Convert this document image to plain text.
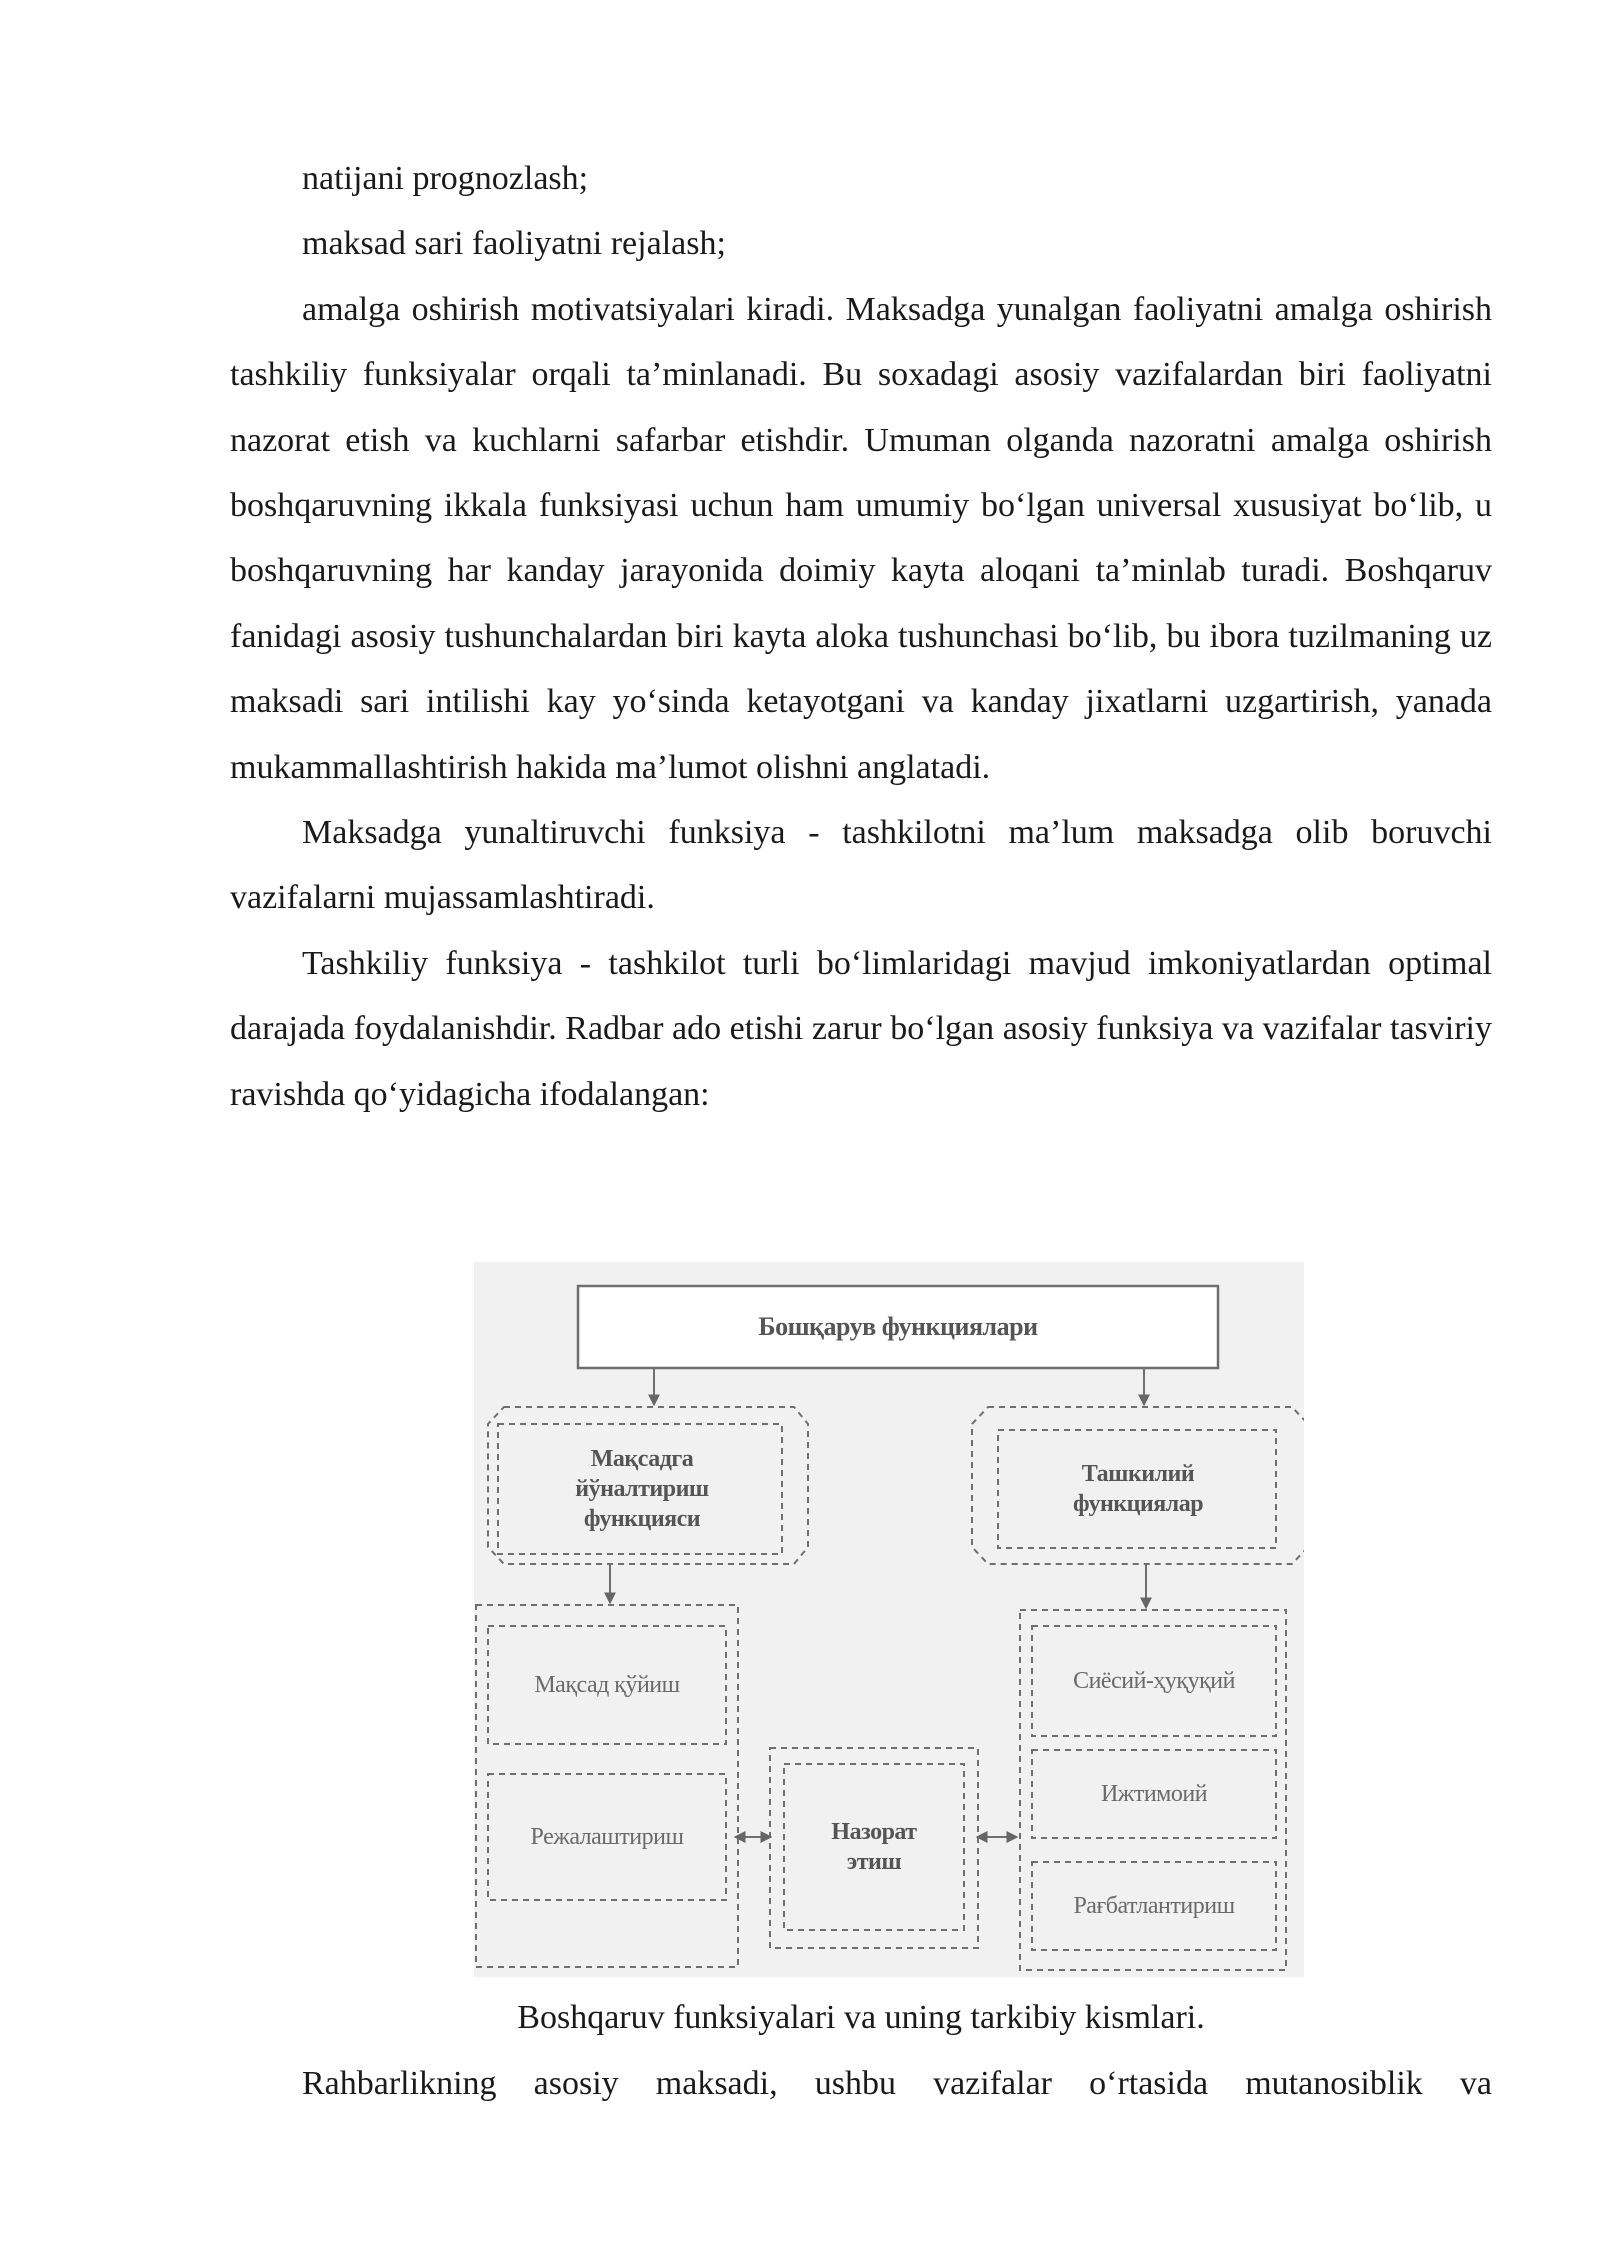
natijani prognozlash;

maksad sari faoliyatni rejalash;

amalga oshirish motivatsiyalari kiradi. Maksadga yunalgan faoliyatni amalga oshirish tashkiliy funksiyalar orqali ta’minlanadi. Bu soxadagi asosiy vazifalardan biri faoliyatni nazorat etish va kuchlarni safarbar etishdir. Umuman olganda nazoratni amalga oshirish boshqaruvning ikkala funksiyasi uchun ham umumiy bo‘lgan universal xususiyat bo‘lib, u boshqaruvning har kanday jarayonida doimiy kayta aloqani ta’minlab turadi. Boshqaruv fanidagi asosiy tushunchalardan biri kayta aloka tushunchasi bo‘lib, bu ibora tuzilmaning uz maksadi sari intilishi kay yo‘sinda ketayotgani va kanday jixatlarni uzgartirish, yanada mukammallashtirish hakida ma’lumot olishni anglatadi.

Maksadga yunaltiruvchi funksiya - tashkilotni ma’lum maksadga olib boruvchi vazifalarni mujassamlashtiradi.

Tashkiliy funksiya - tashkilot turli bo‘limlaridagi mavjud imkoniyatlardan optimal darajada foydalanishdir. Radbar ado etishi zarur bo‘lgan asosiy funksiya va vazifalar tasviriy ravishda qo‘yidagicha ifodalangan:

Бошқарув функциялари
Мақсадга йўналтириш функцияси
Ташкилий функциялар
Мақсад қўйиш
Режалаштириш	Назорат этиш
Сиёсий-ҳуқуқий
Ижтимоий
Рағбатлантириш
Boshqaruv funksiyalari va uning tarkibiy kismlari.
Rahbarlikning asosiy maksadi, ushbu vazifalar o‘rtasida mutanosiblik va
